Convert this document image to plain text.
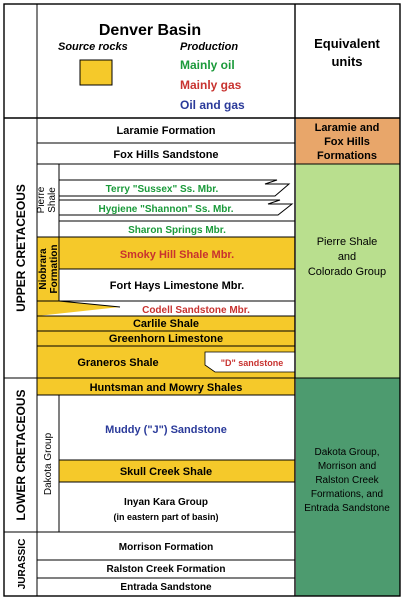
Denver Basin
Source rocks	Production
Mainly oil
Mainly gas
Oil and gas
Equivalent
units
UPPER CRETACEOUS
LOWER CRETACEOUS
JURASSIC
Pierre Shale
Niobrara Formation
Dakota Group
Laramie Formation
Fox Hills Sandstone
Terry "Sussex" Ss. Mbr.
Hygiene "Shannon" Ss. Mbr.
Sharon Springs Mbr.
Smoky Hill Shale Mbr.
Fort Hays Limestone Mbr.
Codell Sandstone Mbr.
Carlile Shale
Greenhorn Limestone
Graneros Shale	"D" sandstone
Huntsman and Mowry Shales
Muddy ("J") Sandstone
Skull Creek Shale
Inyan Kara Group
(in eastern part of basin)
Morrison Formation
Ralston Creek Formation
Entrada Sandstone
Laramie and
Fox Hills
Formations
Pierre Shale
and
Colorado Group
Dakota Group,
Morrison and
Ralston Creek
Formations, and
Entrada Sandstone
